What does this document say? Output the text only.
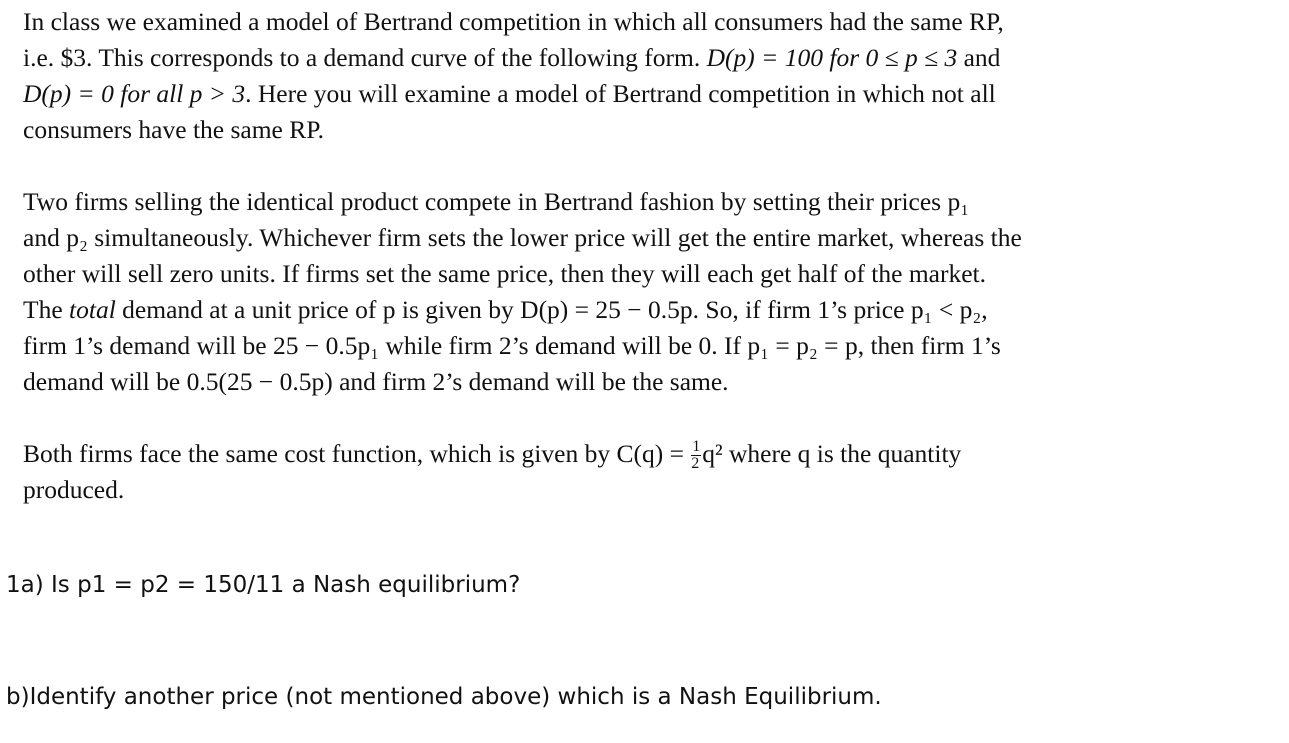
In class we examined a model of Bertrand competition in which all consumers had the same RP,
i.e. $3. This corresponds to a demand curve of the following form. D(p) = 100 for 0 ≤ p ≤ 3 and
D(p) = 0 for all p > 3. Here you will examine a model of Bertrand competition in which not all
consumers have the same RP.
Two firms selling the identical product compete in Bertrand fashion by setting their prices p₁
and p₂ simultaneously. Whichever firm sets the lower price will get the entire market, whereas the
other will sell zero units. If firms set the same price, then they will each get half of the market.
The total demand at a unit price of p is given by D(p) = 25 − 0.5p. So, if firm 1’s price p₁ < p₂,
firm 1’s demand will be 25 − 0.5p₁ while firm 2’s demand will be 0. If p₁ = p₂ = p, then firm 1’s
demand will be 0.5(25 − 0.5p) and firm 2’s demand will be the same.
Both firms face the same cost function, which is given by $C(q) = \frac{1}{2} q^2$ where q is the quantity
produced.
1a) Is p1 = p2 = 150/11 a Nash equilibrium?
b)Identify another price (not mentioned above) which is a Nash Equilibrium.
